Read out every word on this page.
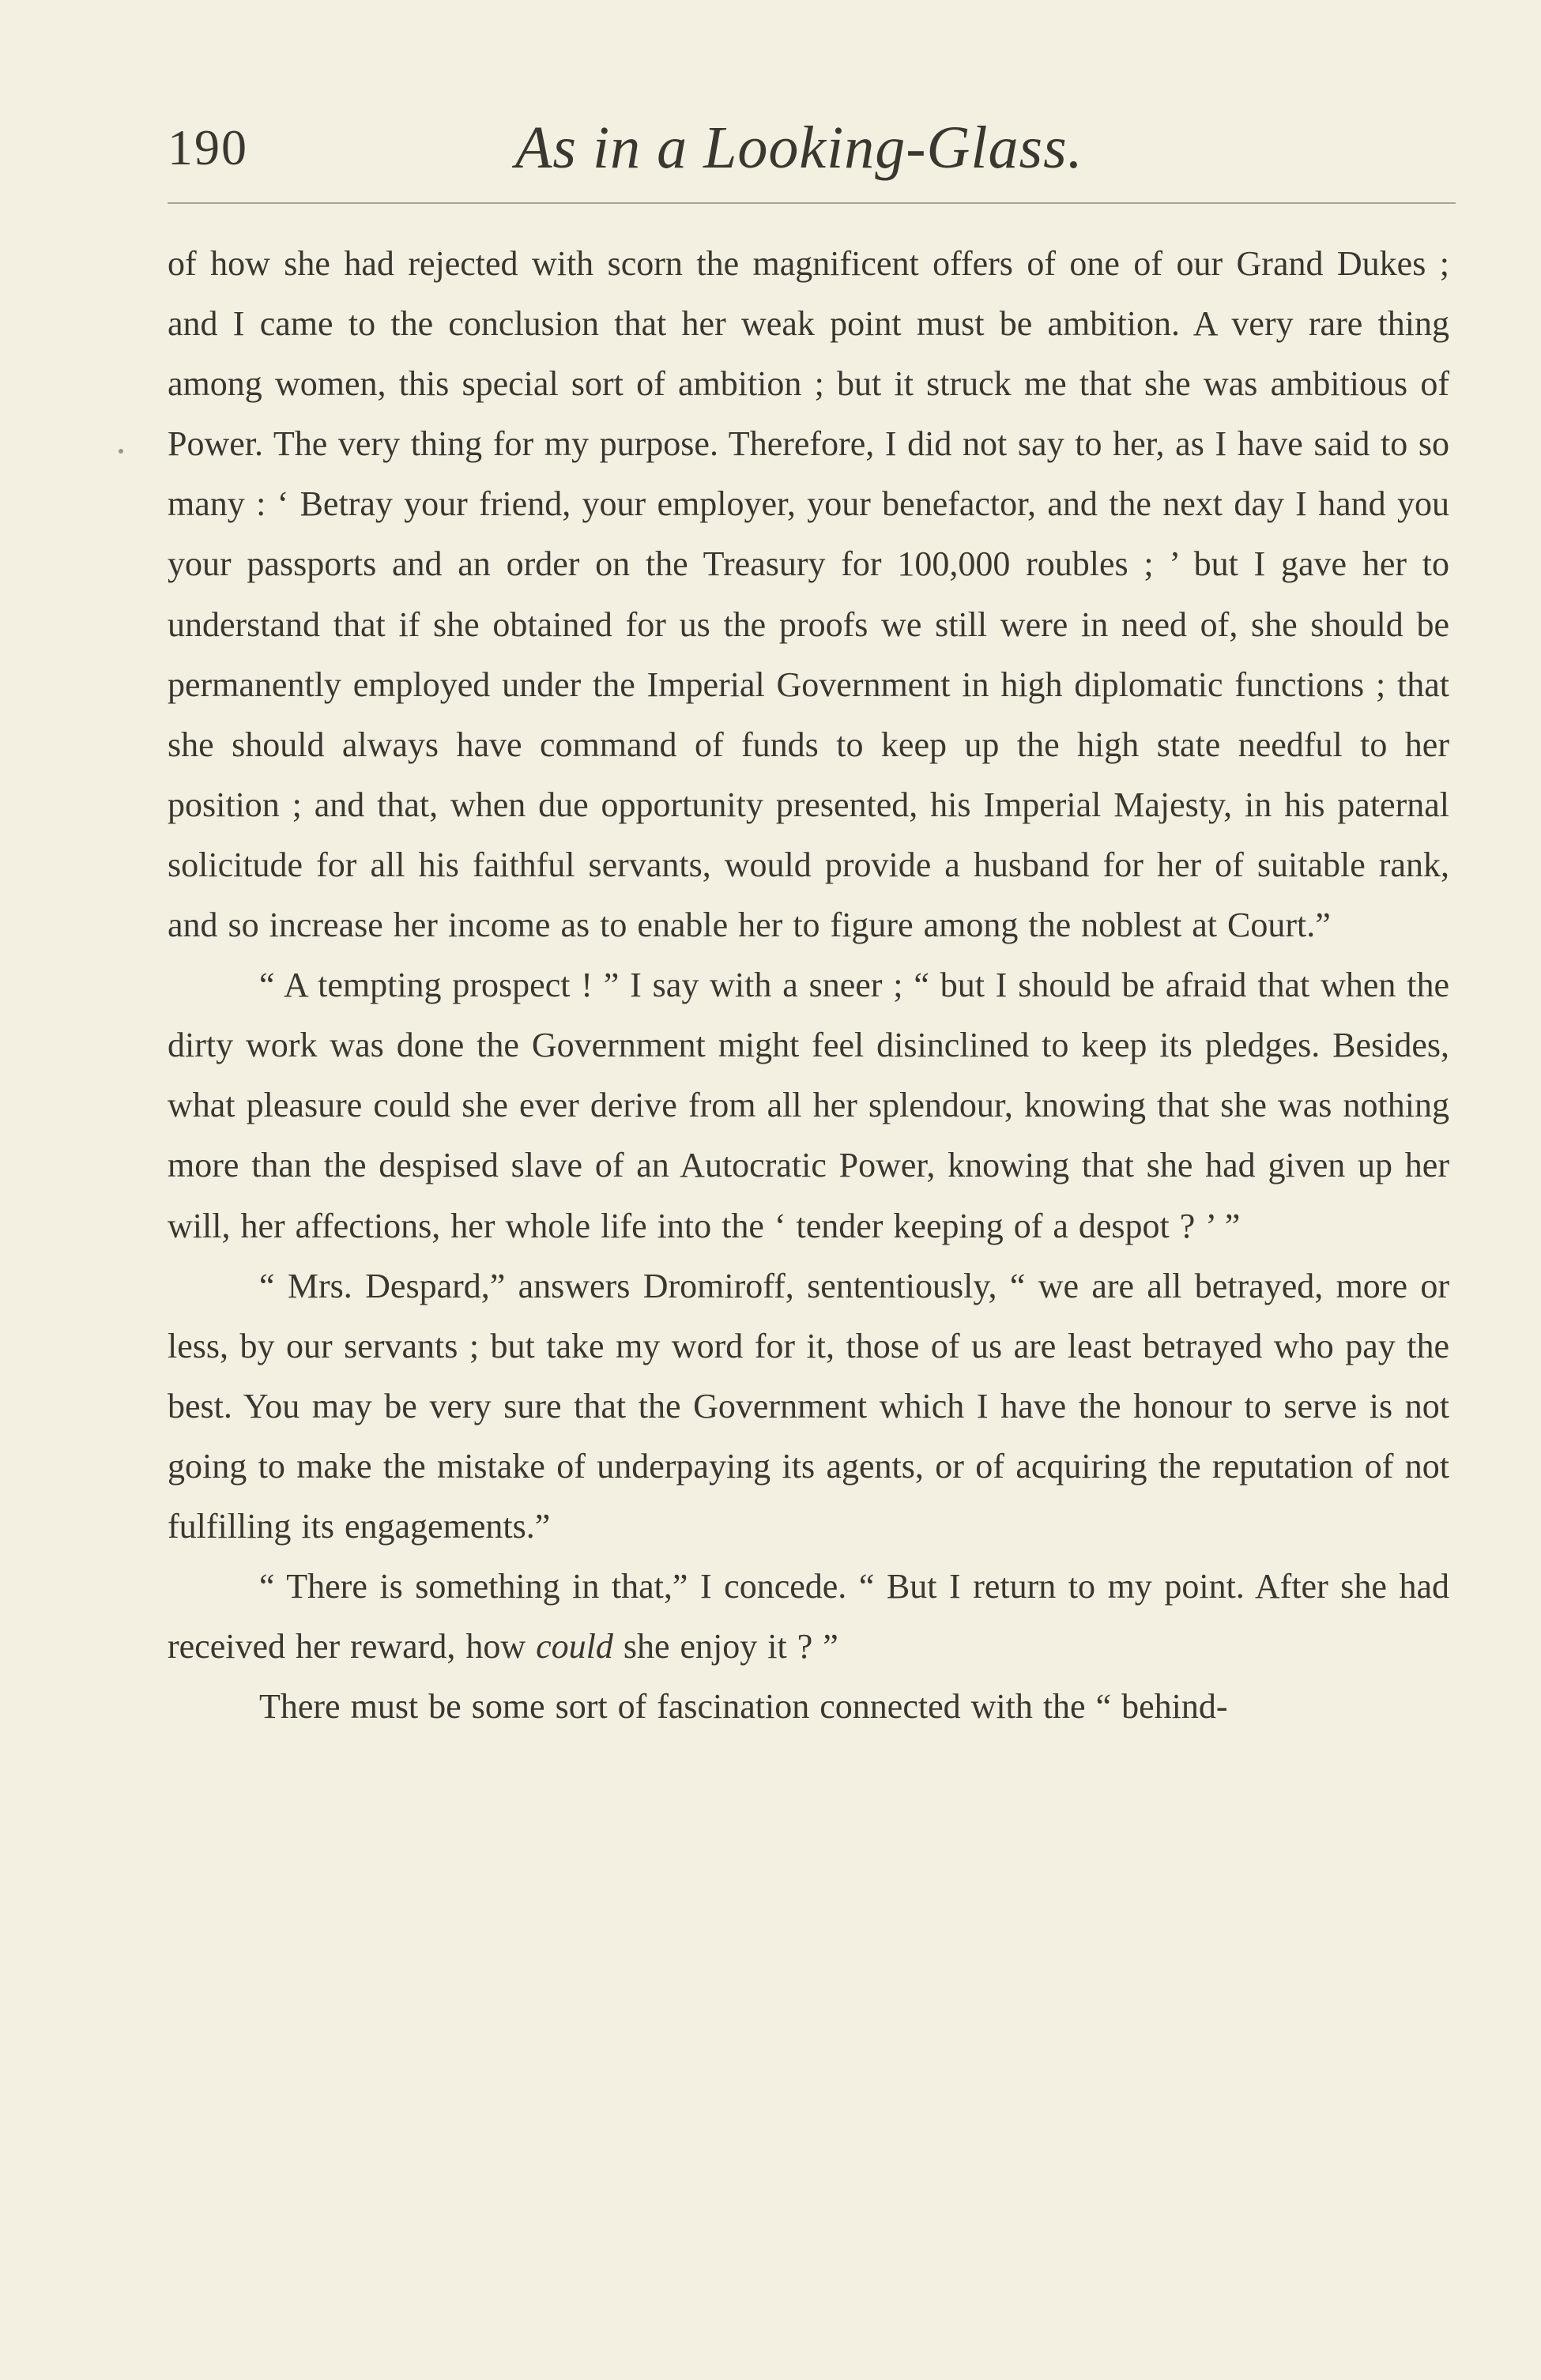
190	As in a Looking-Glass.

of how she had rejected with scorn the magnificent offers of one of our Grand Dukes ; and I came to the conclusion that her weak point must be ambition. A very rare thing among women, this special sort of ambition ; but it struck me that she was ambitious of Power. The very thing for my purpose. Therefore, I did not say to her, as I have said to so many : ‘ Betray your friend, your employer, your benefactor, and the next day I hand you your passports and an order on the Treasury for 100,000 roubles ; ’ but I gave her to understand that if she obtained for us the proofs we still were in need of, she should be permanently employed under the Imperial Government in high diplomatic functions ; that she should always have command of funds to keep up the high state needful to her position ; and that, when due opportunity presented, his Imperial Majesty, in his paternal solicitude for all his faithful servants, would provide a husband for her of suitable rank, and so increase her income as to enable her to figure among the noblest at Court.”

“ A tempting prospect ! ” I say with a sneer ; “ but I should be afraid that when the dirty work was done the Government might feel disinclined to keep its pledges. Besides, what pleasure could she ever derive from all her splendour, knowing that she was nothing more than the despised slave of an Autocratic Power, knowing that she had given up her will, her affections, her whole life into the ‘ tender keeping of a despot ? ’ ”

“ Mrs. Despard,” answers Dromiroff, sententiously, “ we are all betrayed, more or less, by our servants ; but take my word for it, those of us are least betrayed who pay the best. You may be very sure that the Government which I have the honour to serve is not going to make the mistake of underpaying its agents, or of acquiring the reputation of not fulfilling its engagements.”

“ There is something in that,” I concede. “ But I return to my point. After she had received her reward, how could she enjoy it ? ”

There must be some sort of fascination connected with the “ behind-
